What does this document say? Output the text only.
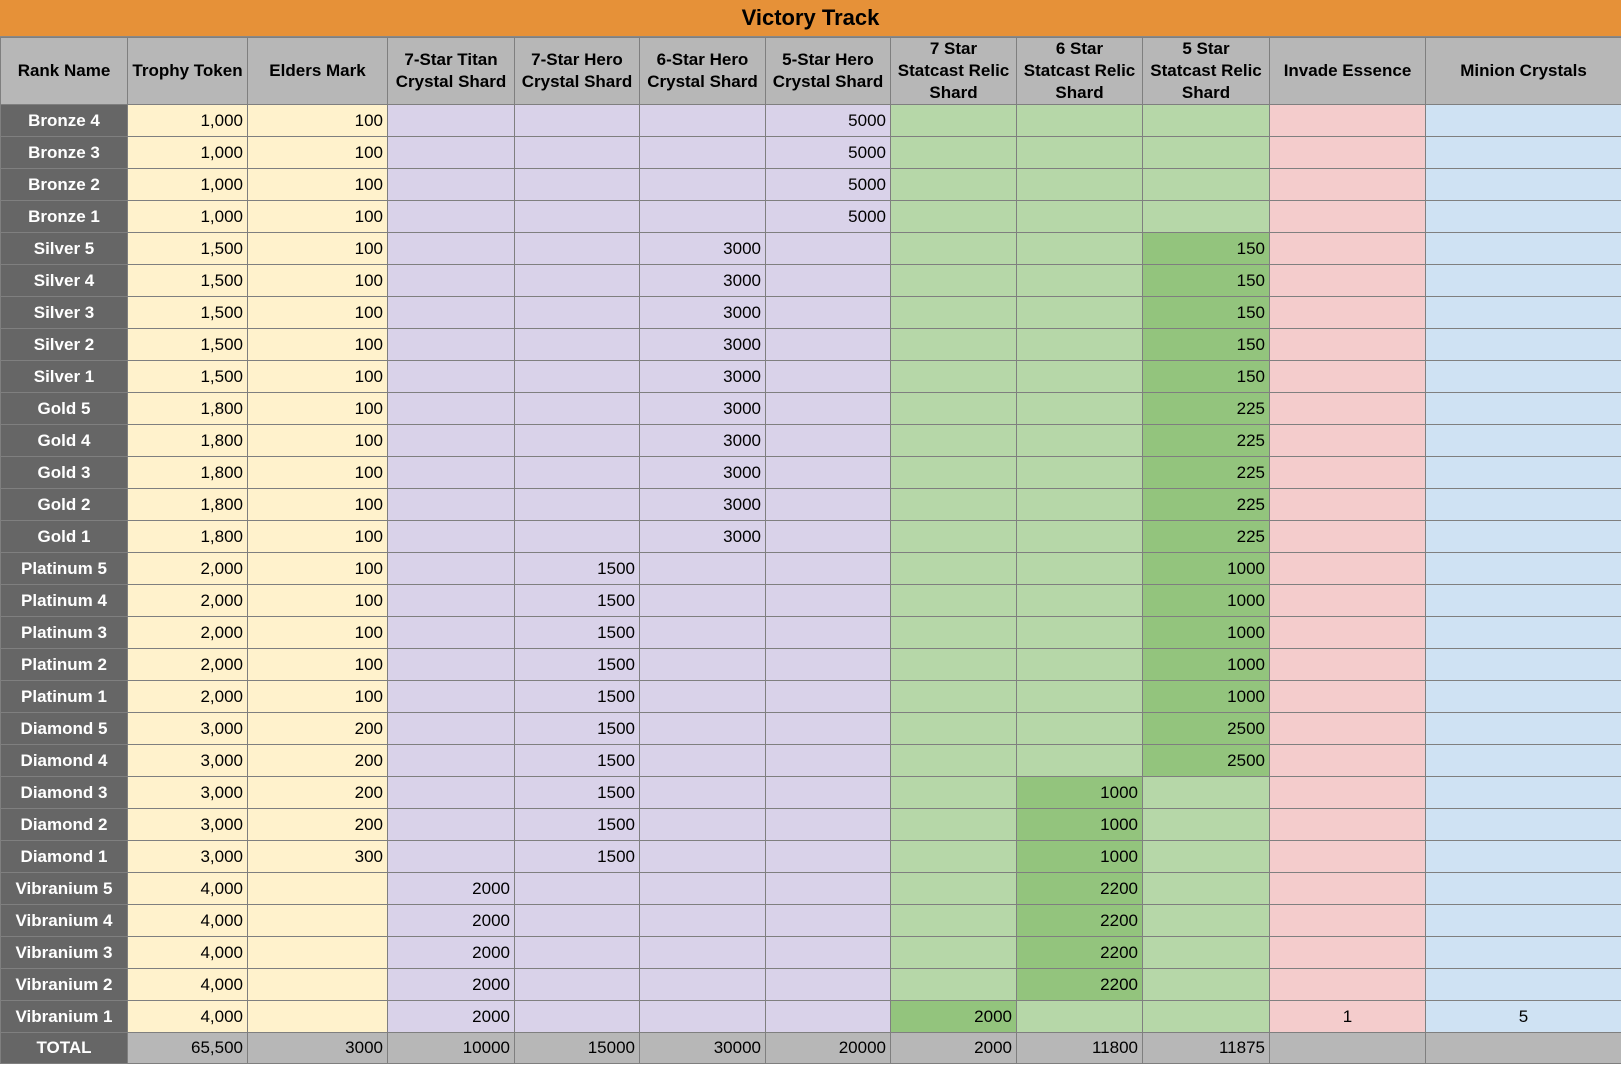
Victory Track
Rank Name	Trophy Token	Elders Mark	7-Star Titan Crystal Shard	7-Star Hero Crystal Shard	6-Star Hero Crystal Shard	5-Star Hero Crystal Shard	7 Star Statcast Relic Shard	6 Star Statcast Relic Shard	5 Star Statcast Relic Shard	Invade Essence	Minion Crystals
Bronze 4	1,000	100				5000					
Bronze 3	1,000	100				5000					
Bronze 2	1,000	100				5000					
Bronze 1	1,000	100				5000					
Silver 5	1,500	100			3000				150		
Silver 4	1,500	100			3000				150		
Silver 3	1,500	100			3000				150		
Silver 2	1,500	100			3000				150		
Silver 1	1,500	100			3000				150		
Gold 5	1,800	100			3000				225		
Gold 4	1,800	100			3000				225		
Gold 3	1,800	100			3000				225		
Gold 2	1,800	100			3000				225		
Gold 1	1,800	100			3000				225		
Platinum 5	2,000	100		1500					1000		
Platinum 4	2,000	100		1500					1000		
Platinum 3	2,000	100		1500					1000		
Platinum 2	2,000	100		1500					1000		
Platinum 1	2,000	100		1500					1000		
Diamond 5	3,000	200		1500					2500		
Diamond 4	3,000	200		1500					2500		
Diamond 3	3,000	200		1500				1000			
Diamond 2	3,000	200		1500				1000			
Diamond 1	3,000	300		1500				1000			
Vibranium 5	4,000		2000					2200			
Vibranium 4	4,000		2000					2200			
Vibranium 3	4,000		2000					2200			
Vibranium 2	4,000		2000					2200			
Vibranium 1	4,000		2000				2000			1	5
TOTAL	65,500	3000	10000	15000	30000	20000	2000	11800	11875		
